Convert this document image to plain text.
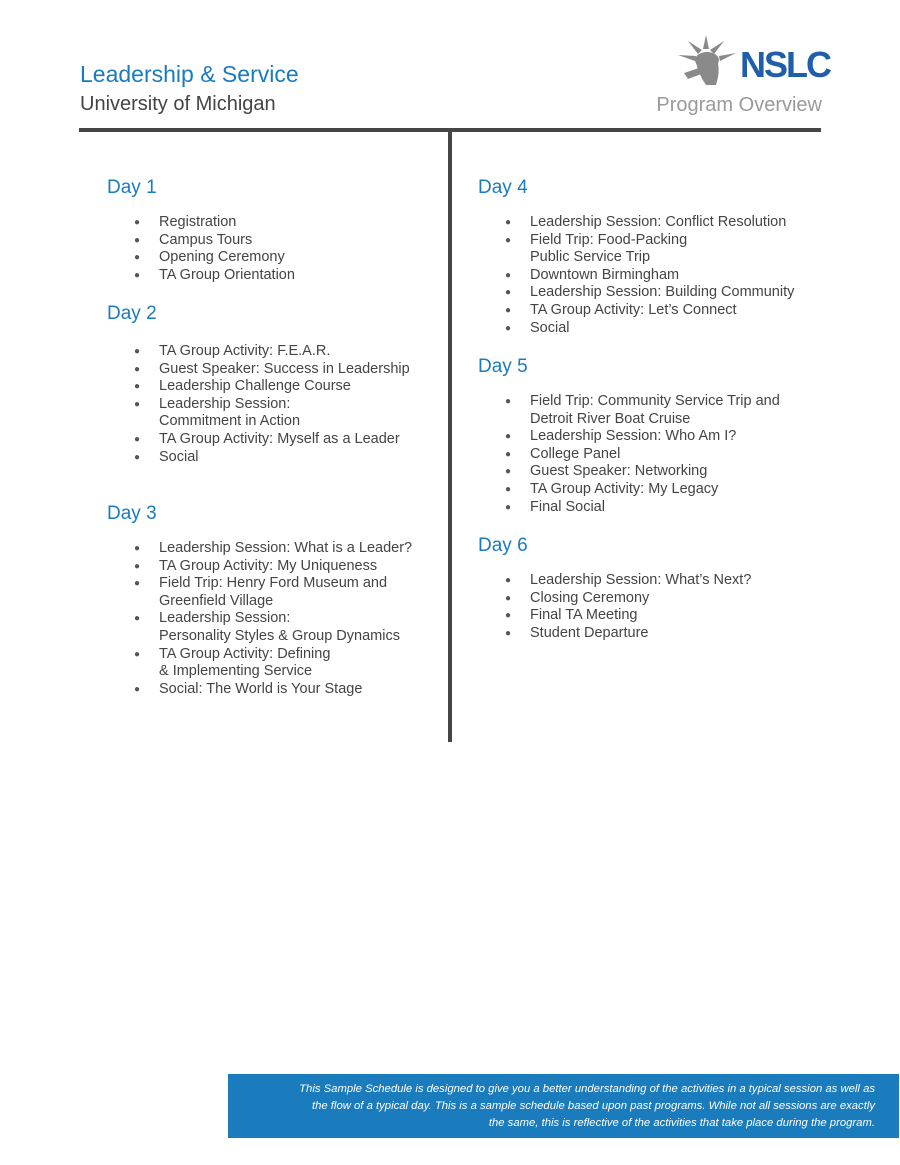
Leadership & Service
University of Michigan
NSLC
Program Overview
Day 1
● Registration
● Campus Tours
● Opening Ceremony
● TA Group Orientation
Day 2
● TA Group Activity: F.E.A.R.
● Guest Speaker: Success in Leadership
● Leadership Challenge Course
● Leadership Session:
Commitment in Action
● TA Group Activity: Myself as a Leader
● Social
Day 3
● Leadership Session: What is a Leader?
● TA Group Activity: My Uniqueness
● Field Trip: Henry Ford Museum and
Greenfield Village
● Leadership Session:
Personality Styles & Group Dynamics
● TA Group Activity: Defining
& Implementing Service
● Social: The World is Your Stage
Day 4
● Leadership Session: Conflict Resolution
● Field Trip: Food-Packing
Public Service Trip
● Downtown Birmingham
● Leadership Session: Building Community
● TA Group Activity: Let’s Connect
● Social
Day 5
● Field Trip: Community Service Trip and
Detroit River Boat Cruise
● Leadership Session: Who Am I?
● College Panel
● Guest Speaker: Networking
● TA Group Activity: My Legacy
● Final Social
Day 6
● Leadership Session: What’s Next?
● Closing Ceremony
● Final TA Meeting
● Student Departure
This Sample Schedule is designed to give you a better understanding of the activities in a typical session as well as
the flow of a typical day. This is a sample schedule based upon past programs. While not all sessions are exactly
the same, this is reflective of the activities that take place during the program.
